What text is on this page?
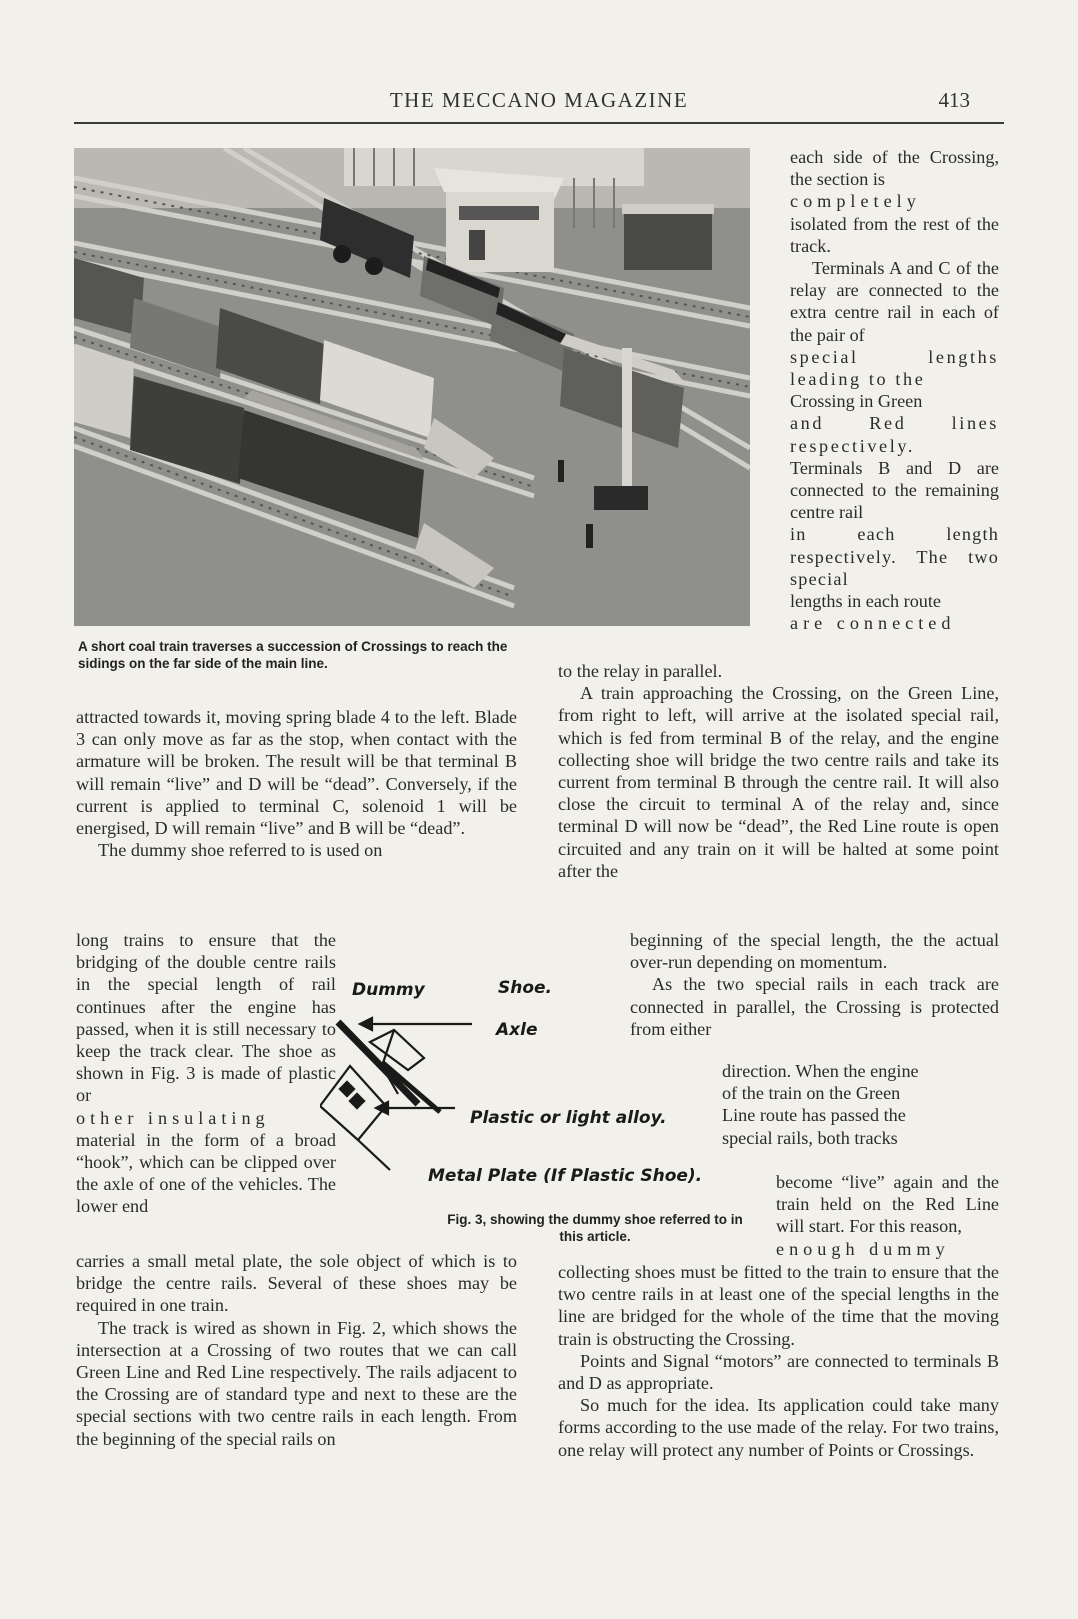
THE MECCANO MAGAZINE	413
A short coal train traverses a succession of Crossings to reach the sidings on the far side of the main line.

each side of the Crossing, the section is

completely

isolated from the rest of the track.

Terminals A and C of the relay are connected to the extra centre rail in each of the pair of

special lengths leading to the

Crossing in Green

and Red lines respectively.

Terminals B and D are connected to the remaining centre rail

in each length respectively. The two special

lengths in each route

are connected

to the relay in parallel.

A train approaching the Crossing, on the Green Line, from right to left, will arrive at the isolated special rail, which is fed from terminal B of the relay, and the engine collecting shoe will bridge the two centre rails and take its current from terminal B through the centre rail. It will also close the circuit to terminal A of the relay and, since terminal D will now be “dead”, the Red Line route is open circuited and any train on it will be halted at some point after the

attracted towards it, moving spring blade 4 to the left. Blade 3 can only move as far as the stop, when contact with the armature will be broken. The result will be that terminal B will remain “live” and D will be “dead”. Conversely, if the current is applied to terminal C, solenoid 1 will be energised, D will remain “live” and B will be “dead”.

The dummy shoe referred to is used on

long trains to ensure that the bridging of the double centre rails in the special length of rail continues after the engine has passed, when it is still necessary to keep the track clear. The shoe as shown in Fig. 3 is made of plastic or

other insulating

material in the form of a broad “hook”, which can be clipped over the axle of one of the vehicles. The lower end

Dummy	Shoe.
Axle
Plastic or light alloy.
Metal Plate (If Plastic Shoe).
Fig. 3, showing the dummy shoe referred to in this article.

beginning of the special length, the the actual over-run depending on momentum.

As the two special rails in each track are connected in parallel, the Crossing is protected from either

direction. When the engine

of the train on the Green

Line route has passed the

special rails, both tracks

become “live” again and the train held on the Red Line will start. For this reason,

enough dummy

carries a small metal plate, the sole object of which is to bridge the centre rails. Several of these shoes may be required in one train.

The track is wired as shown in Fig. 2, which shows the intersection at a Crossing of two routes that we can call Green Line and Red Line respectively. The rails adjacent to the Crossing are of standard type and next to these are the special sections with two centre rails in each length. From the beginning of the special rails on

collecting shoes must be fitted to the train to ensure that the two centre rails in at least one of the special lengths in the line are bridged for the whole of the time that the moving train is obstructing the Crossing.

Points and Signal “motors” are connected to terminals B and D as appropriate.

So much for the idea. Its application could take many forms according to the use made of the relay. For two trains, one relay will protect any number of Points or Crossings.
